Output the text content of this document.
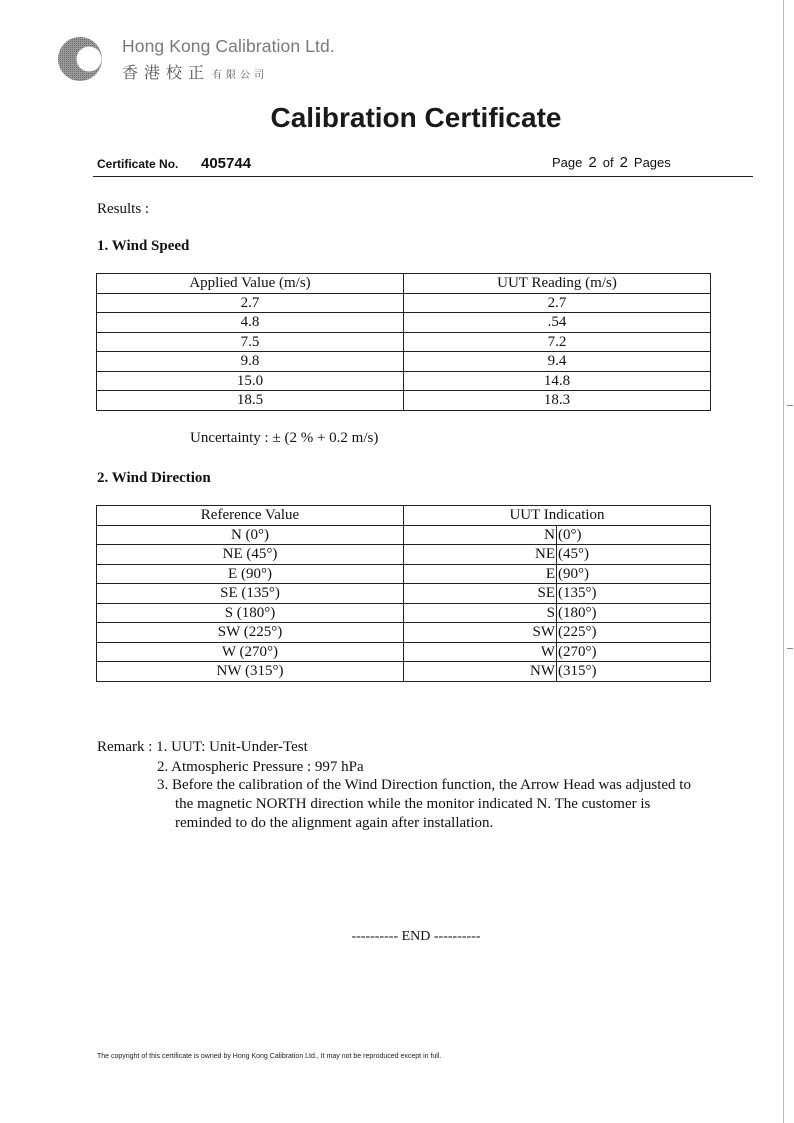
Hong Kong Calibration Ltd.
香港校正 有限公司
Calibration Certificate
Certificate No. 405744	Page 2 of 2 Pages
Results :
1. Wind Speed
Applied Value (m/s)	UUT Reading (m/s)
2.7	2.7
4.8	.54
7.5	7.2
9.8	9.4
15.0	14.8
18.5	18.3
Uncertainty : ± (2 % + 0.2 m/s)
2. Wind Direction
Reference Value	UUT Indication	
N (0°)	N	(0°)
NE (45°)	NE	(45°)
E (90°)	E	(90°)
SE (135°)	SE	(135°)
S (180°)	S	(180°)
SW (225°)	SW	(225°)
W (270°)	W	(270°)
NW (315°)	NW	(315°)
Remark : 1. UUT: Unit-Under-Test
2. Atmospheric Pressure : 997 hPa
3. Before the calibration of the Wind Direction function, the Arrow Head was adjusted to
the magnetic NORTH direction while the monitor indicated N. The customer is
reminded to do the alignment again after installation.
---------- END ----------
The copyright of this certificate is owned by Hong Kong Calibration Ltd., It may not be reproduced except in full.
